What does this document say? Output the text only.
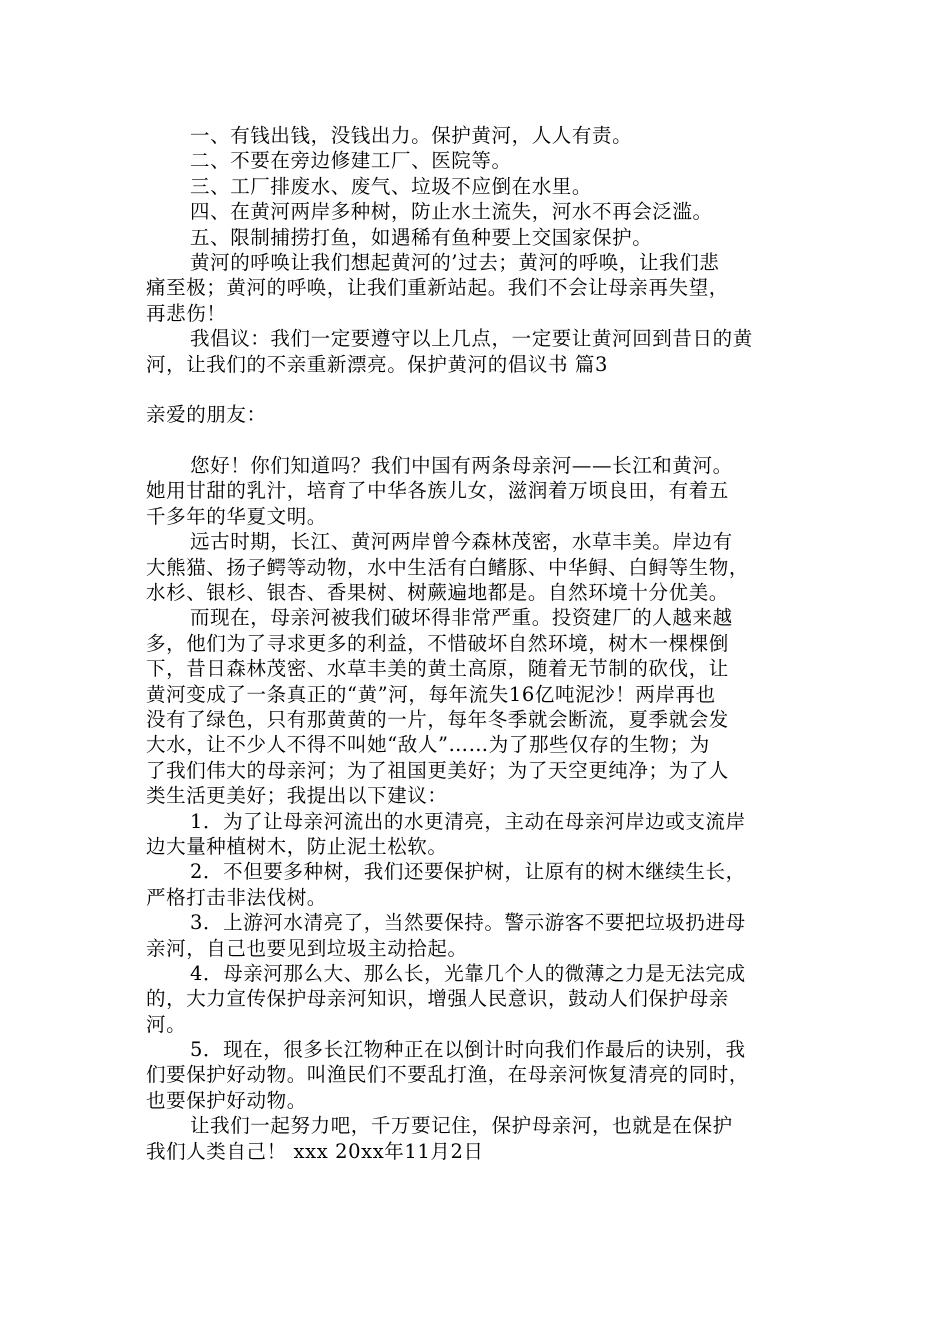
一、有钱出钱，没钱出力。保护黄河，人人有责。
二、不要在旁边修建工厂、医院等。
三、工厂排废水、废气、垃圾不应倒在水里。
四、在黄河两岸多种树，防止水土流失，河水不再会泛滥。
五、限制捕捞打鱼，如遇稀有鱼种要上交国家保护。
黄河的呼唤让我们想起黄河的’过去；黄河的呼唤，让我们悲
痛至极；黄河的呼唤，让我们重新站起。我们不会让母亲再失望，
再悲伤！
我倡议：我们一定要遵守以上几点，一定要让黄河回到昔日的黄
河，让我们的不亲重新漂亮。保护黄河的倡议书 篇3
亲爱的朋友：
您好！你们知道吗？我们中国有两条母亲河——长江和黄河。
她用甘甜的乳汁，培育了中华各族儿女，滋润着万顷良田，有着五
千多年的华夏文明。
远古时期，长江、黄河两岸曾今森林茂密，水草丰美。岸边有
大熊猫、扬子鳄等动物，水中生活有白鳍豚、中华鲟、白鲟等生物，
水杉、银杉、银杏、香果树、树蕨遍地都是。自然环境十分优美。
而现在，母亲河被我们破坏得非常严重。投资建厂的人越来越
多，他们为了寻求更多的利益，不惜破坏自然环境，树木一棵棵倒
下，昔日森林茂密、水草丰美的黄土高原，随着无节制的砍伐，让
黄河变成了一条真正的“黄”河，每年流失16亿吨泥沙！两岸再也
没有了绿色，只有那黄黄的一片，每年冬季就会断流，夏季就会发
大水，让不少人不得不叫她“敌人”……为了那些仅存的生物；为
了我们伟大的母亲河；为了祖国更美好；为了天空更纯净；为了人
类生活更美好；我提出以下建议：
1．为了让母亲河流出的水更清亮，主动在母亲河岸边或支流岸
边大量种植树木，防止泥土松软。
2．不但要多种树，我们还要保护树，让原有的树木继续生长，
严格打击非法伐树。
3．上游河水清亮了，当然要保持。警示游客不要把垃圾扔进母
亲河，自己也要见到垃圾主动拾起。
4．母亲河那么大、那么长，光靠几个人的微薄之力是无法完成
的，大力宣传保护母亲河知识，增强人民意识，鼓动人们保护母亲
河。
5．现在，很多长江物种正在以倒计时向我们作最后的诀别，我
们要保护好动物。叫渔民们不要乱打渔，在母亲河恢复清亮的同时，
也要保护好动物。
让我们一起努力吧，千万要记住，保护母亲河，也就是在保护
我们人类自己！ xxx 20xx年11月2日
